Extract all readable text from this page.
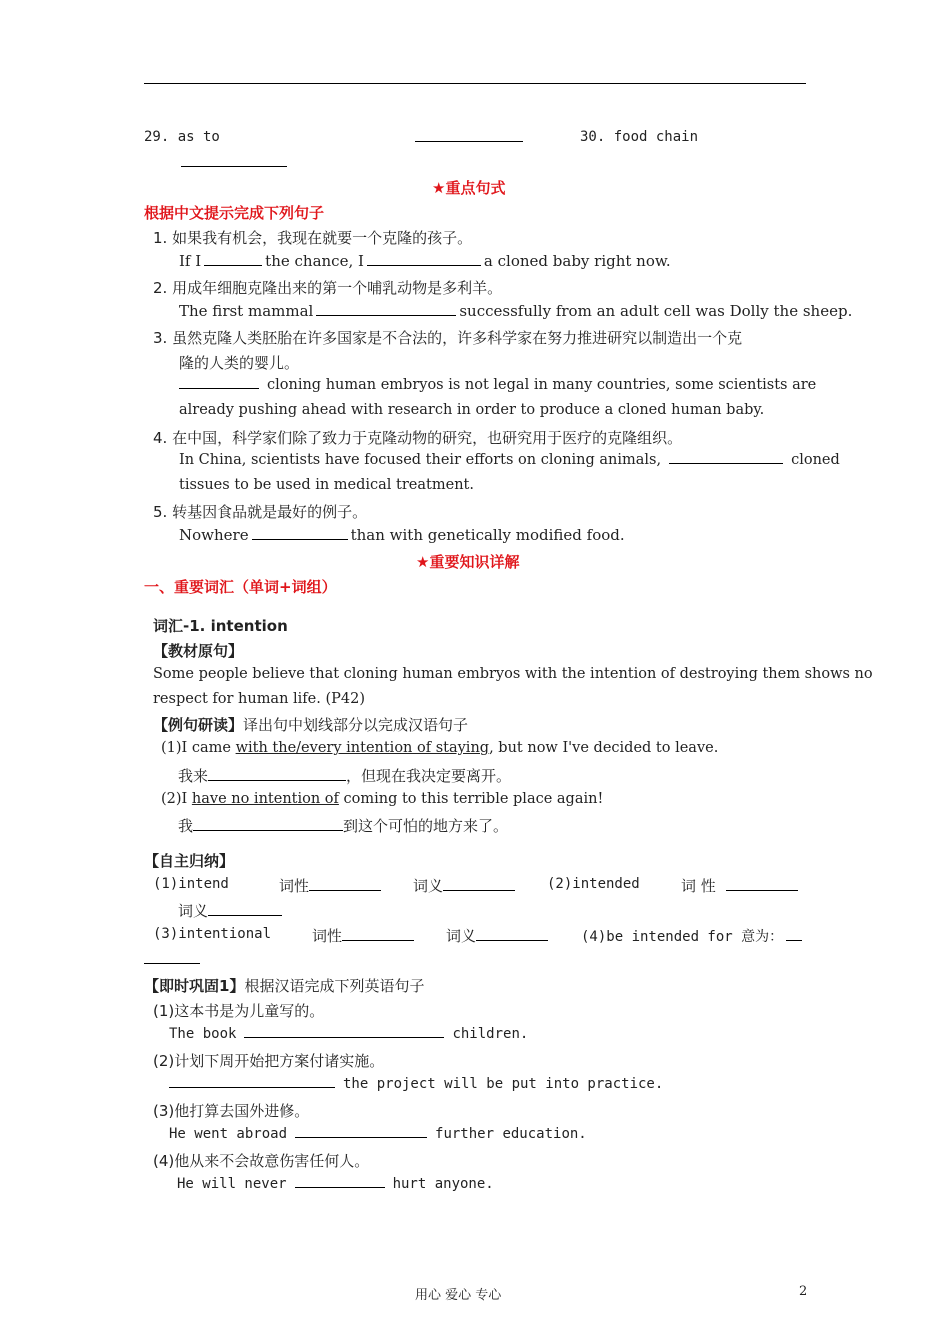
29. as to	30. food chain
★重点句式
根据中文提示完成下列句子
1. 如果我有机会，我现在就要一个克隆的孩子。
If I	the chance, I	a cloned baby right now.
2. 用成年细胞克隆出来的第一个哺乳动物是多利羊。
The first mammal	successfully from an adult cell was Dolly the sheep.
3. 虽然克隆人类胚胎在许多国家是不合法的，许多科学家在努力推进研究以制造出一个克
隆的人类的婴儿。
cloning human embryos is not legal in many countries, some scientists are
already pushing ahead with research in order to produce a cloned human baby.
4. 在中国，科学家们除了致力于克隆动物的研究，也研究用于医疗的克隆组织。
In China, scientists have focused their efforts on cloning animals,	cloned
tissues to be used in medical treatment.
5. 转基因食品就是最好的例子。
Nowhere	than with genetically modified food.
★重要知识详解
一、重要词汇（单词+词组）
词汇-1. intention
【教材原句】
Some people believe that cloning human embryos with the intention of destroying them shows no
respect for human life. (P42)
【例句研读】译出句中划线部分以完成汉语句子
(1)I came with the/every intention of staying, but now I've decided to leave.
我来	，但现在我决定要离开。
(2)I have no intention of coming to this terrible place again!
我	到这个可怕的地方来了。
【自主归纳】
(1)intend	词性	词义	(2)intended	词 性
词义
(3)intentional	词性	词义	(4)be intended for 意为：
【即时巩固1】根据汉语完成下列英语句子
(1)这本书是为儿童写的。
The book	children.
(2)计划下周开始把方案付诸实施。
the project will be put into practice.
(3)他打算去国外进修。
He went abroad	further education.
(4)他从来不会故意伤害任何人。
He will never	hurt anyone.
用心 爱心 专心	2
